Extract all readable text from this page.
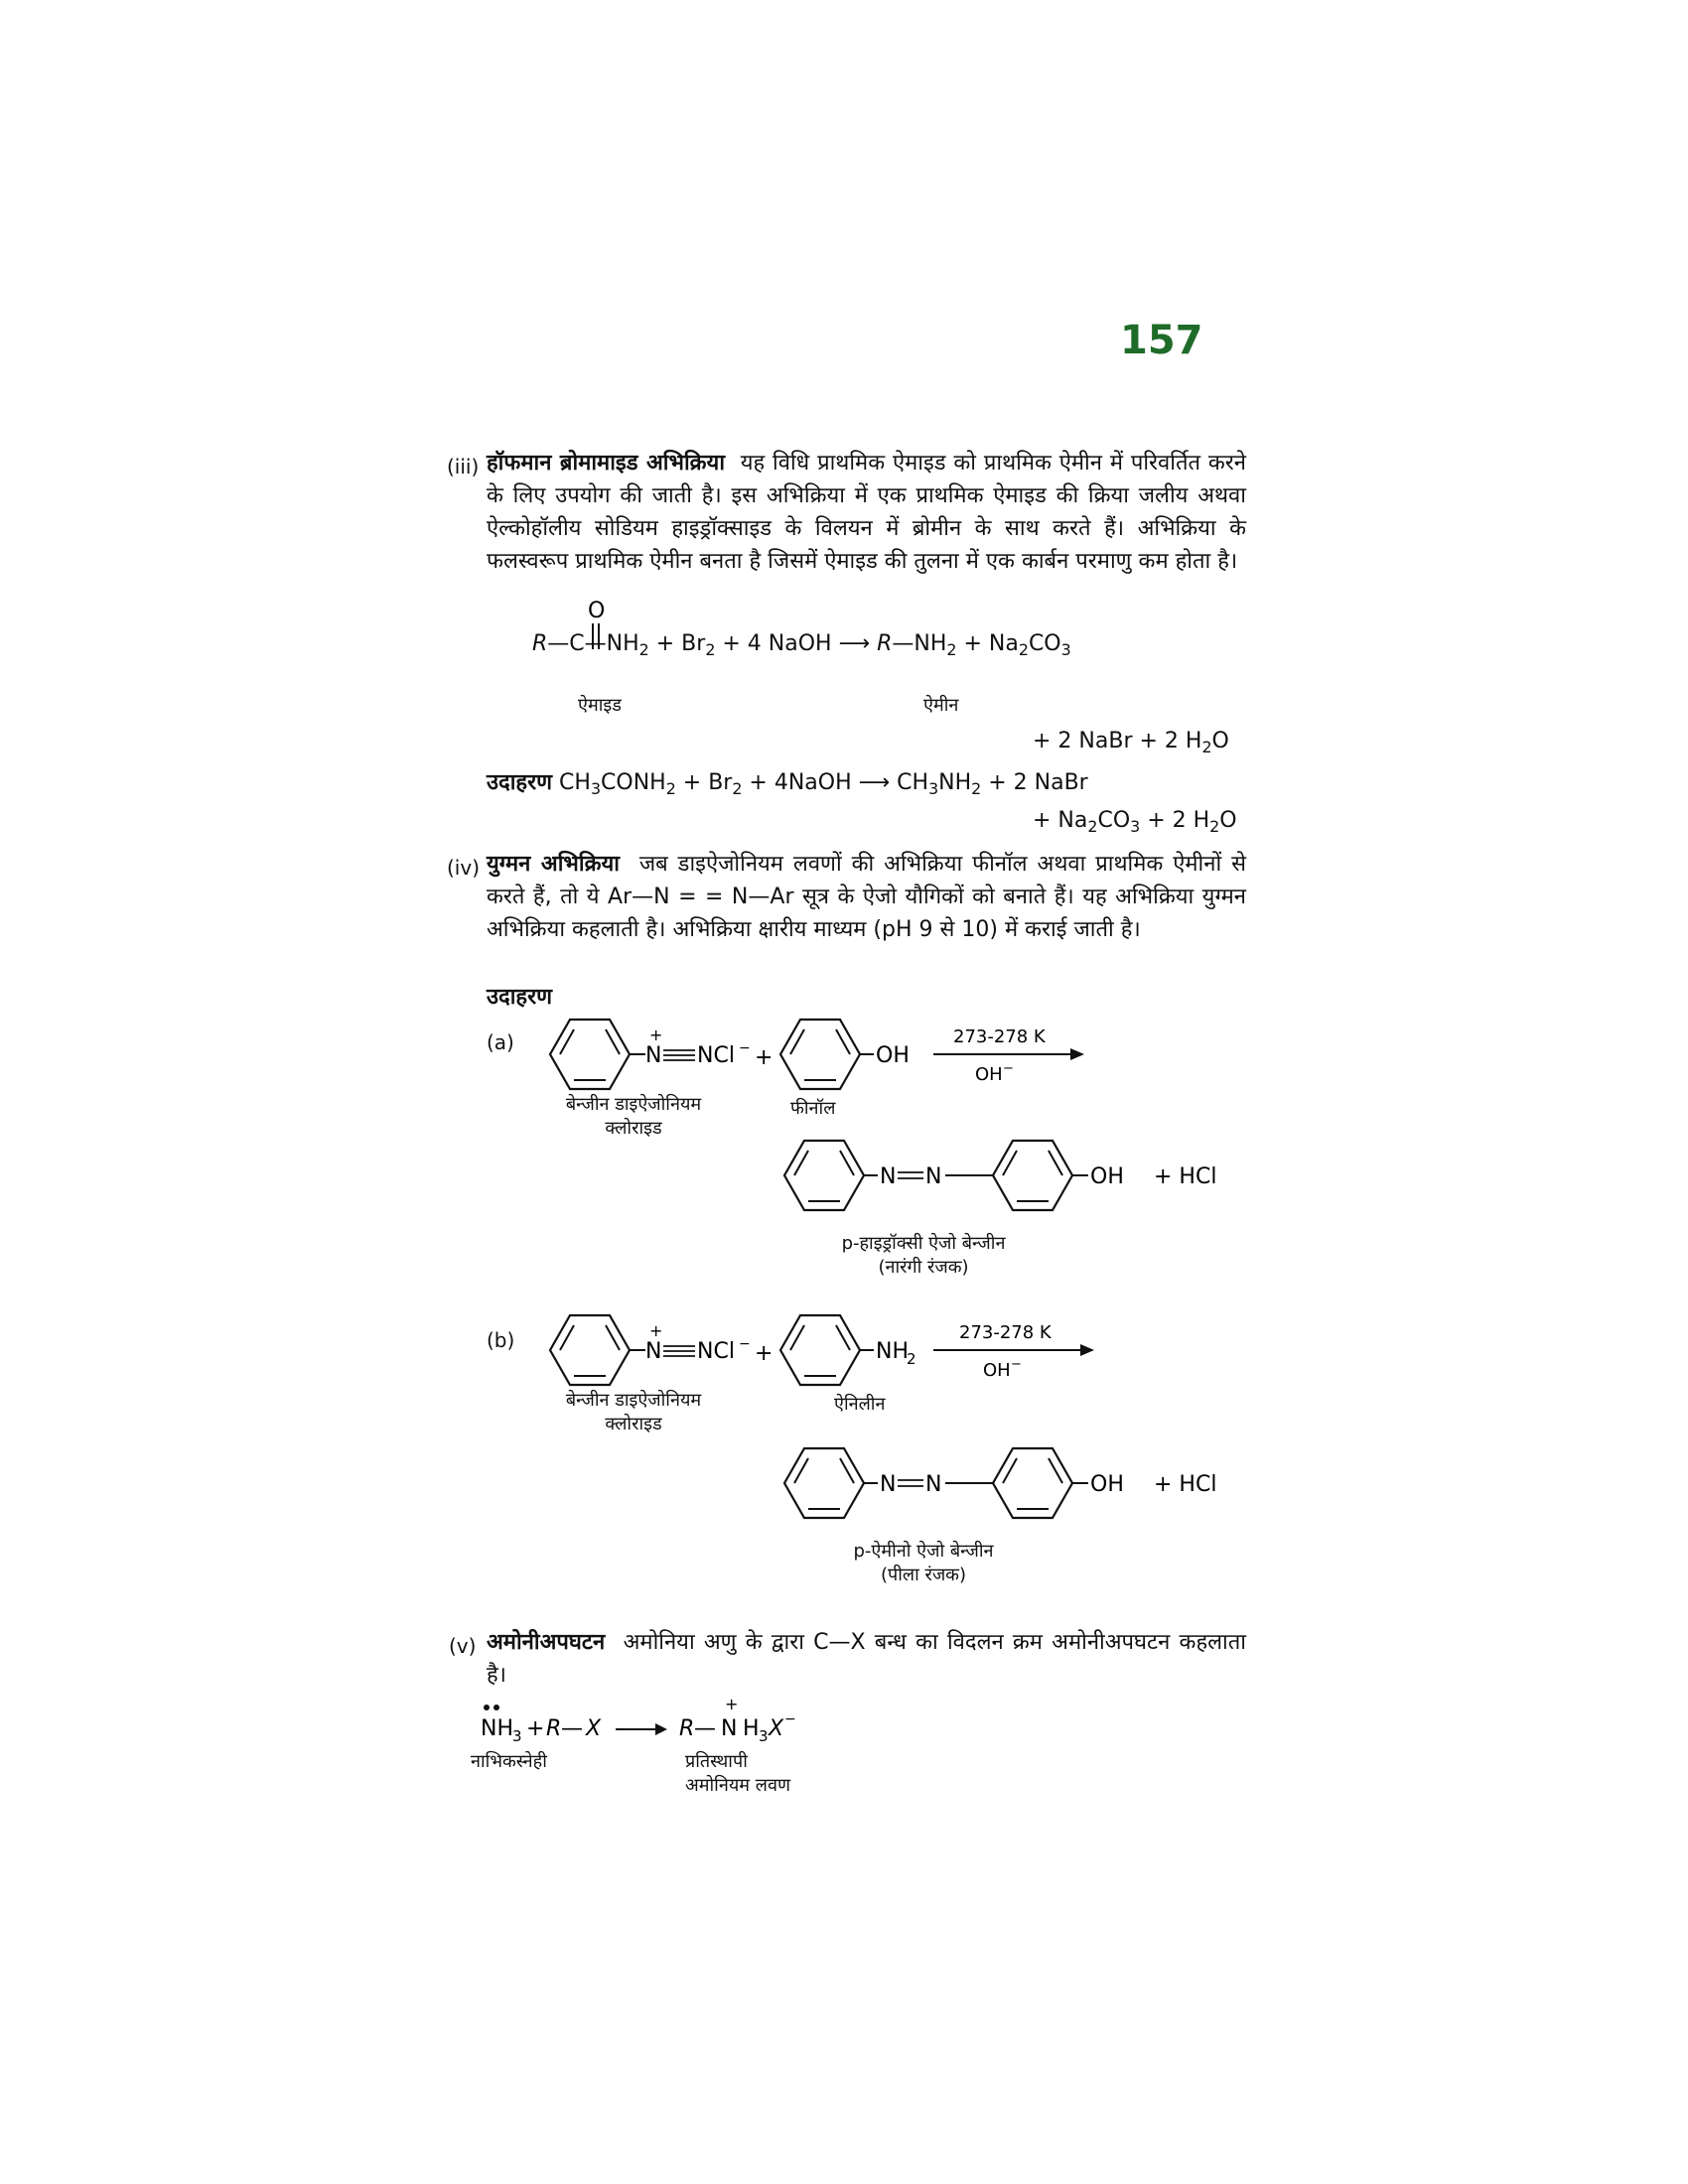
157
(iii) हॉफमान ब्रोमामाइड अभिक्रिया यह विधि प्राथमिक ऐमाइड को प्राथमिक ऐमीन में परिवर्तित करने के लिए उपयोग की जाती है। इस अभिक्रिया में एक प्राथमिक ऐमाइड की क्रिया जलीय अथवा ऐल्कोहॉलीय सोडियम हाइड्रॉक्साइड के विलयन में ब्रोमीन के साथ करते हैं। अभिक्रिया के फलस्वरूप प्राथमिक ऐमीन बनता है जिसमें ऐमाइड की तुलना में एक कार्बन परमाणु कम होता है।

O
$R—C—NH_2 + Br_2 + 4$ NaOH ⟶ $R—NH_2 + Na_2CO_3$
ऐमाइड	ऐमीन
+ 2 NaBr + 2 $H_2O$
उदाहरण $CH_3CONH_2 + Br_2$ + 4NaOH ⟶ $CH_3NH_2 + 2$ NaBr
+ $Na_2CO_3 + 2$ $H_2O$
(iv) युग्मन अभिक्रिया जब डाइऐजोनियम लवणों की अभिक्रिया फीनॉल अथवा प्राथमिक ऐमीनों से करते हैं, तो ये Ar—N = = N—Ar सूत्र के ऐजो यौगिकों को बनाते हैं। यह अभिक्रिया युग्मन अभिक्रिया कहलाती है। अभिक्रिया क्षारीय माध्यम (pH 9 से 10) में कराई जाती है।

उदाहरण
(a)	+
N NCl − +	OH
273-278 K
OH −
बेन्जीन डाइऐजोनियम
क्लोराइड
फीनॉल
N N	OH + HCl
p-हाइड्रॉक्सी ऐजो बेन्जीन
(नारंगी रंजक)
(b)	+
N NCl − +	NH
2
273-278 K
OH −
बेन्जीन डाइऐजोनियम
क्लोराइड
ऐनिलीन
N N	OH + HCl
p-ऐमीनो ऐजो बेन्जीन
(पीला रंजक)
(v) अमोनीअपघटन अमोनिया अणु के द्वारा C—X बन्ध का विदलन क्रम अमोनीअपघटन कहलाता है।

NH 3 + R — X	R —
+
N H 3 X −
नाभिकस्नेही	प्रतिस्थापी
अमोनियम लवण
